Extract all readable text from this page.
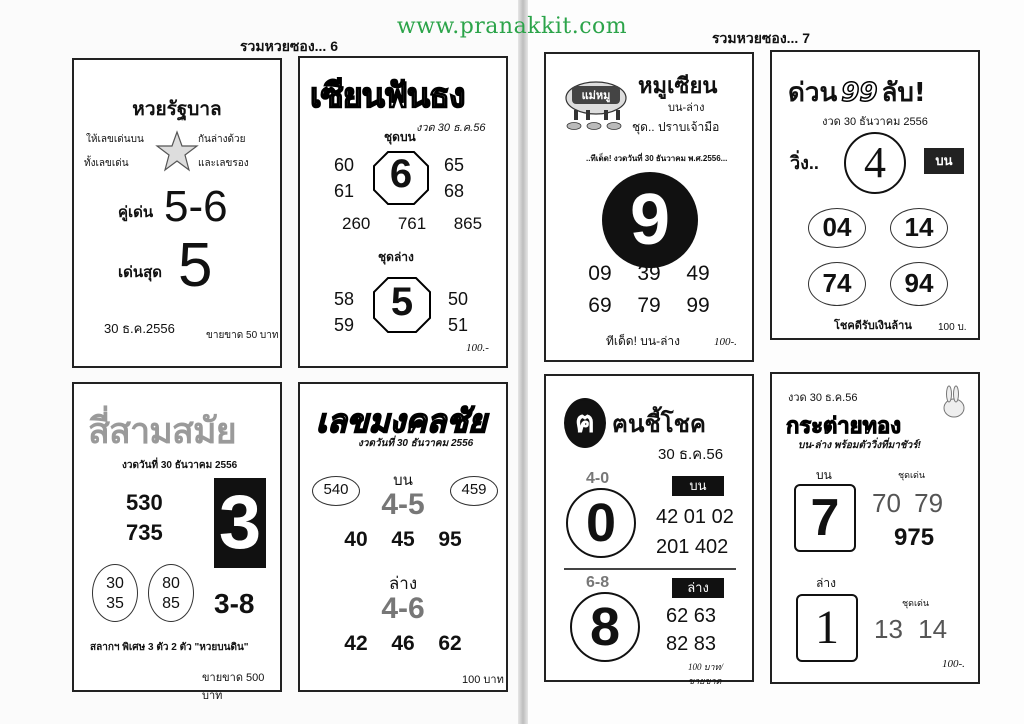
www.pranakkit.com
รวมหวยซอง... 6	รวมหวยซอง... 7
หวยรัฐบาล
ให้เลขเด่นบน	กันล่างด้วย
ทั้งเลขเด่น	และเลขรอง
คู่เด่น 5-6
เด่นสุด 5
30 ธ.ค.2556	ขายขาด 50 บาท
เซียนฟันธง
งวด 30 ธ.ค.56
ชุดบน
60
61 6	65
68
260 761 865
ชุดล่าง
58
59
5	50
51
100.-
สี่สามสมัย
งวดวันที่ 30 ธันวาคม 2556
530
735 3
30
35
80
85	3-8
สลากฯ พิเศษ 3 ตัว 2 ตัว "หวยบนดิน"
ขายขาด 500 บาท
เลขมงคลชัย
งวดวันที่ 30 ธันวาคม 2556
540	459
บน
4-5
40 45 95
ล่าง
4-6
42 46 62
100 บาท
แม่หมู	หมูเซียน
บน-ล่าง
ชุด.. ปราบเจ้ามือ
..ทีเด็ด! งวดวันที่ 30 ธันวาคม พ.ศ.2556...
9
09 39 49
69 79 99
ทีเด็ด! บน-ล่าง	100-.
ด่วน 99 ลับ!
งวด 30 ธันวาคม 2556
วิ่ง..	4	บน
04	14
74	94
โชคดีรับเงินล้าน	100 บ.
ฅ ฅนชี้โชค
30 ธ.ค.56
4-0
0
บน
42 01 02
201 402
6-8
8
ล่าง
62 63
82 83
100 บาท/ขายขาด
งวด 30 ธ.ค.56
กระต่ายทอง
บน-ล่าง พร้อมตัววิ่งที่มาชัวร์!
บน	ชุดเด่น
7	70 79
975
ล่าง
ชุดเด่น
1	13 14
100-.
